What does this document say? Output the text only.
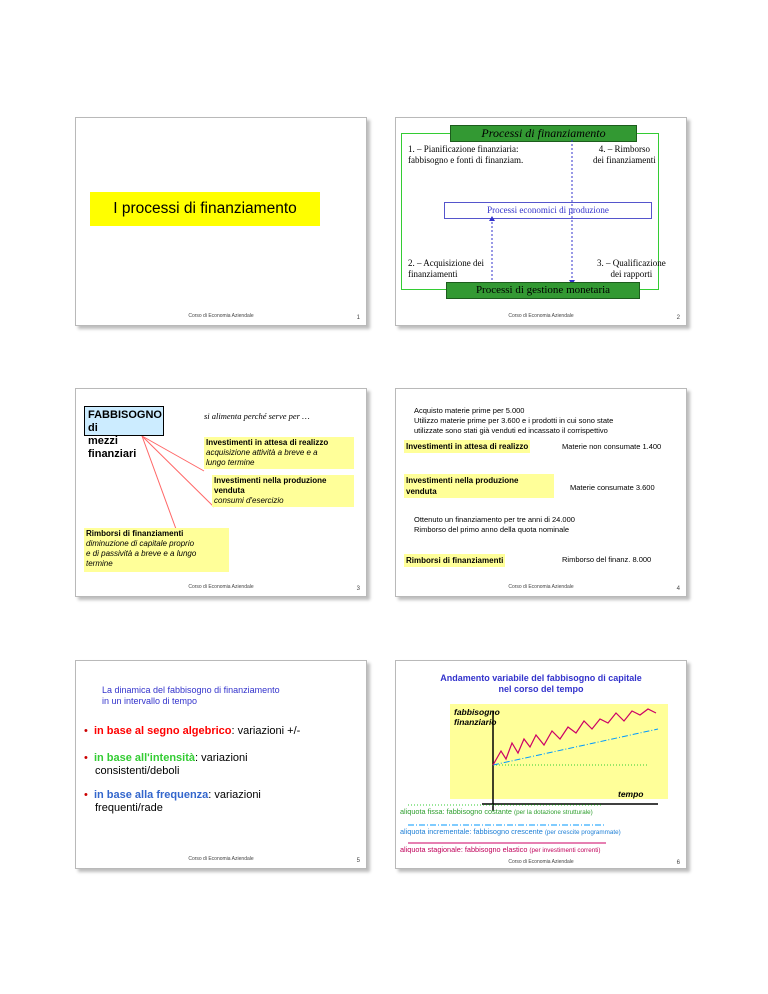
I processi di finanziamento
Corso di Economia Aziendale	1
Processi di finanziamento
1. – Pianificazione finanziaria:
fabbisogno e fonti di finanziam.
4. – Rimborso
dei finanziamenti
Processi economici di produzione
2. – Acquisizione dei
finanziamenti
3. – Qualificazione
dei rapporti
Processi di gestione monetaria
Corso di Economia Aziendale	2
FABBISOGNO di
mezzi finanziari
si alimenta perché serve per …
Investimenti in attesa di realizzo
acquisizione attività a breve e a
lungo termine
Investimenti nella produzione
venduta
consumi d'esercizio
Rimborsi di finanziamenti
diminuzione di capitale proprio
e di passività a breve e a lungo
termine
Corso di Economia Aziendale	3
Acquisto materie prime per 5.000
Utilizzo materie prime per 3.600 e i prodotti in cui sono state
utilizzate sono stati già venduti ed incassato il corrispettivo
Investimenti in attesa di realizzo	Materie non consumate 1.400
Investimenti nella produzione
venduta	Materie consumate 3.600
Ottenuto un finanziamento per tre anni di 24.000
Rimborso del primo anno della quota nominale
Rimborsi di finanziamenti	Rimborso del finanz. 8.000
Corso di Economia Aziendale	4
La dinamica del fabbisogno di finanziamento
in un intervallo di tempo
•  in base al segno algebrico: variazioni +/-
•  in base all'intensità: variazioni
consistenti/deboli
•  in base alla frequenza: variazioni
frequenti/rade
Corso di Economia Aziendale	5
Andamento variabile del fabbisogno di capitale
nel corso del tempo
fabbisogno
finanziario
tempo
aliquota fissa: fabbisogno costante (per la dotazione strutturale)
aliquota incrementale: fabbisogno crescente (per crescite programmate)
aliquota stagionale: fabbisogno elastico (per investimenti correnti)
Corso di Economia Aziendale	6
